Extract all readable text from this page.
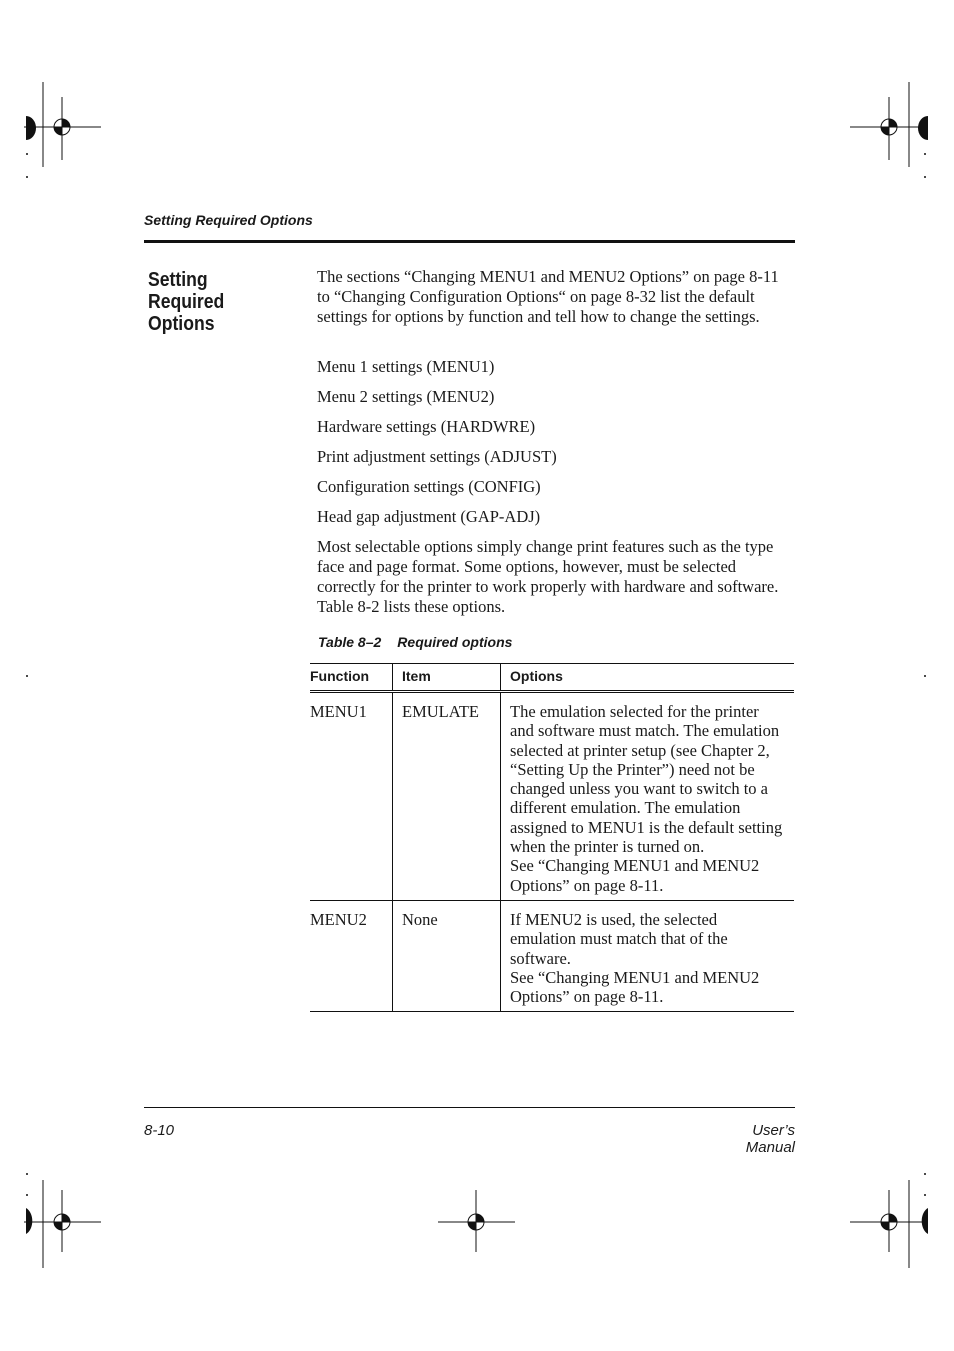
Setting Required Options
Setting
Required
Options
The sections “Changing MENU1 and MENU2 Options” on page 8-11 to “Changing Configuration Options“ on page 8-32 list the default settings for options by function and tell how to change the settings.
Menu 1 settings (MENU1)
Menu 2 settings (MENU2)
Hardware settings (HARDWRE)
Print adjustment settings (ADJUST)
Configuration settings (CONFIG)
Head gap adjustment (GAP-ADJ)
Most selectable options simply change print features such as the type face and page format. Some options, however, must be selected correctly for the printer to work properly with hardware and software. Table 8-2 lists these options.
Table 8–2 Required options
Function	Item	Options
MENU1	EMULATE	The emulation selected for the printer and software must match. The emulation selected at printer setup (see Chapter 2, “Setting Up the Printer”) need not be changed unless you want to switch to a different emulation. The emulation assigned to MENU1 is the default setting when the printer is turned on.
See “Changing MENU1 and MENU2 Options” on page 8-11.

MENU2	None	If MENU2 is used, the selected emulation must match that of the software.
See “Changing MENU1 and MENU2 Options” on page 8-11.
8-10	User’s Manual
